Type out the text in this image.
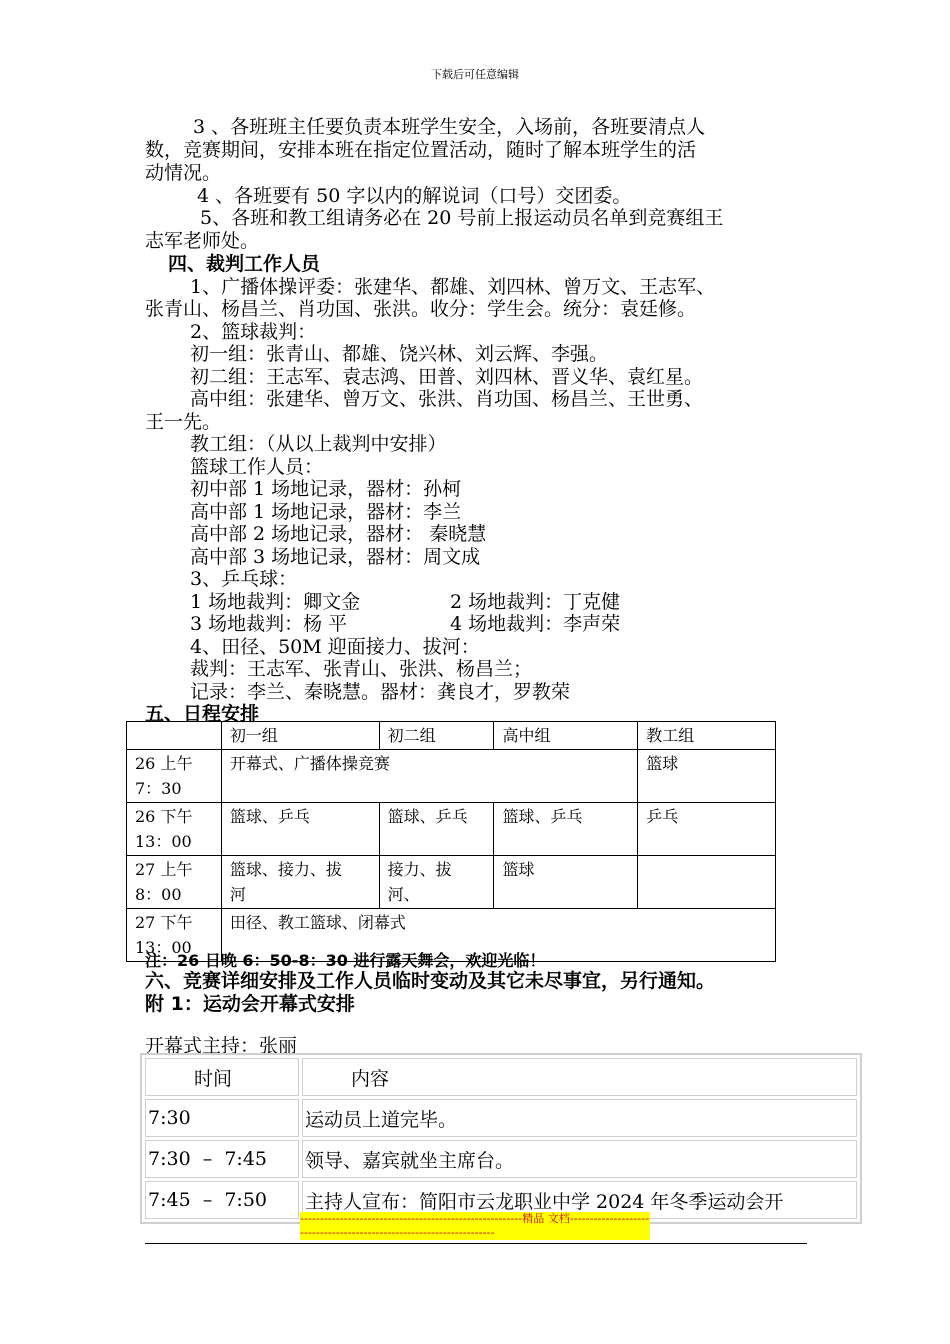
下载后可任意编辑
3 、各班班主任要负责本班学生安全，入场前，各班要清点人
数，竞赛期间，安排本班在指定位置活动，随时了解本班学生的活
动情况。
4 、各班要有 50 字以内的解说词（口号）交团委。
5、各班和教工组请务必在 20 号前上报运动员名单到竞赛组王
志军老师处。
四、裁判工作人员
1、广播体操评委：张建华、都雄、刘四林、曾万文、王志军、
张青山、杨昌兰、肖功国、张洪。收分：学生会。统分：袁廷修。
2、篮球裁判：
初一组：张青山、都雄、饶兴林、刘云辉、李强。
初二组：王志军、袁志鸿、田普、刘四林、晋义华、袁红星。
高中组：张建华、曾万文、张洪、肖功国、杨昌兰、王世勇、
王一先。
教工组：（从以上裁判中安排）
篮球工作人员：
初中部 1 场地记录，器材：孙柯
高中部 1 场地记录，器材：李兰
高中部 2 场地记录，器材： 秦晓慧
高中部 3 场地记录，器材：周文成
3、乒乓球：
1 场地裁判：卿文金	2 场地裁判：丁克健
3 场地裁判：杨 平	4 场地裁判：李声荣
4、田径、50M 迎面接力、拔河：
裁判：王志军、张青山、张洪、杨昌兰；
记录：李兰、秦晓慧。器材：龚良才，罗教荣
五、日程安排
	初一组	初二组	高中组	教工组
26 上午
7：30	开幕式、广播体操竞赛			篮球
26 下午
13：00	篮球、乒乓	篮球、乒乓	篮球、乒乓	乒乓
27 上午
8：00	篮球、接力、拔
河	接力、拔
河、	篮球	
27 下午
13：00	田径、教工篮球、闭幕式			
注：26 日晚 6：50-8：30 进行露天舞会，欢迎光临！
六、竞赛详细安排及工作人员临时变动及其它未尽事宜，另行通知。
附 1：运动会开幕式安排
开幕式主持：张丽
时间	内容
7:30	运动员上道完毕。
7:30  –  7:45	领导、嘉宾就坐主席台。
7:45  –  7:50	主持人宣布：简阳市云龙职业中学 2024 年冬季运动会开
--------------------------------------------------------精品 文档---------------------------------------------------------------------
